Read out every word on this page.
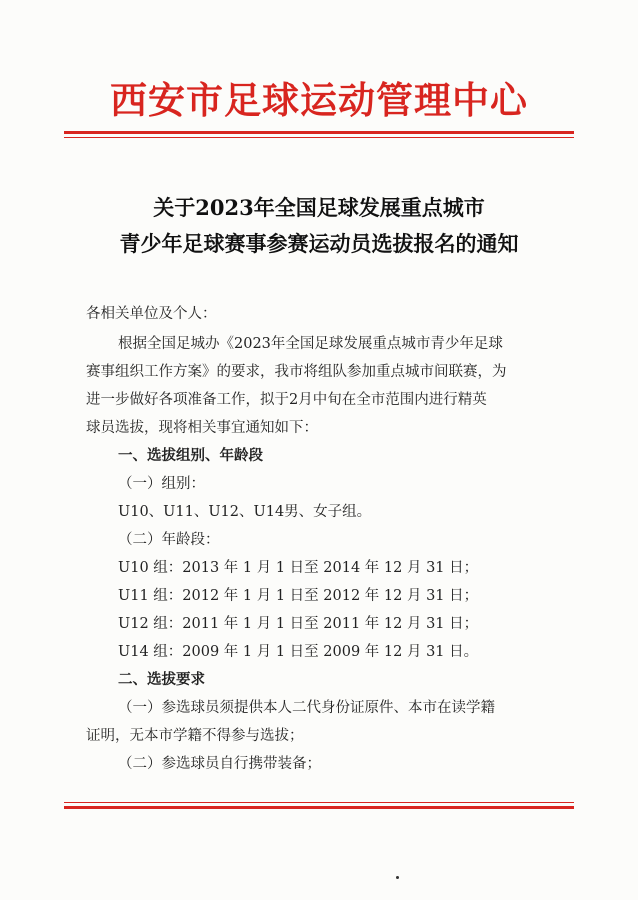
西安市足球运动管理中心
关于2023年全国足球发展重点城市
青少年足球赛事参赛运动员选拔报名的通知
各相关单位及个人：
根据全国足城办《2023年全国足球发展重点城市青少年足球
赛事组织工作方案》的要求，我市将组队参加重点城市间联赛，为
进一步做好各项准备工作，拟于2月中旬在全市范围内进行精英
球员选拔，现将相关事宜通知如下：
一、选拔组别、年龄段
（一）组别：
U10、U11、U12、U14男、女子组。
（二）年龄段：
U10 组：2013 年 1 月 1 日至 2014 年 12 月 31 日；
U11 组：2012 年 1 月 1 日至 2012 年 12 月 31 日；
U12 组：2011 年 1 月 1 日至 2011 年 12 月 31 日；
U14 组：2009 年 1 月 1 日至 2009 年 12 月 31 日。
二、选拔要求
（一）参选球员须提供本人二代身份证原件、本市在读学籍
证明，无本市学籍不得参与选拔；
（二）参选球员自行携带装备；
